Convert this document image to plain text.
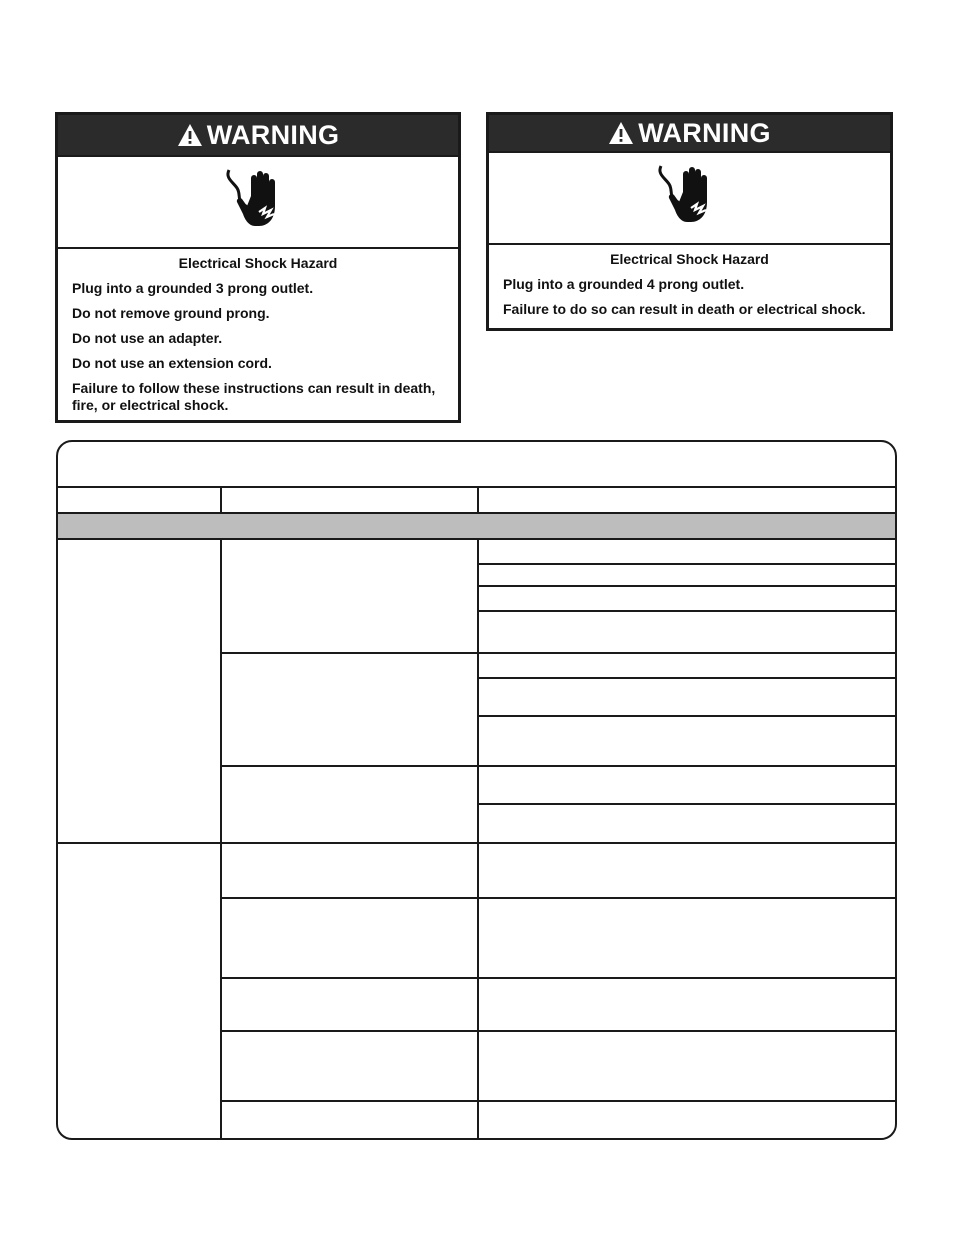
WARNING
Electrical Shock Hazard
Plug into a grounded 3 prong outlet.
Do not remove ground prong.
Do not use an adapter.
Do not use an extension cord.
Failure to follow these instructions can result in death, fire, or electrical shock.
WARNING
Electrical Shock Hazard
Plug into a grounded 4 prong outlet.
Failure to do so can result in death or electrical shock.
